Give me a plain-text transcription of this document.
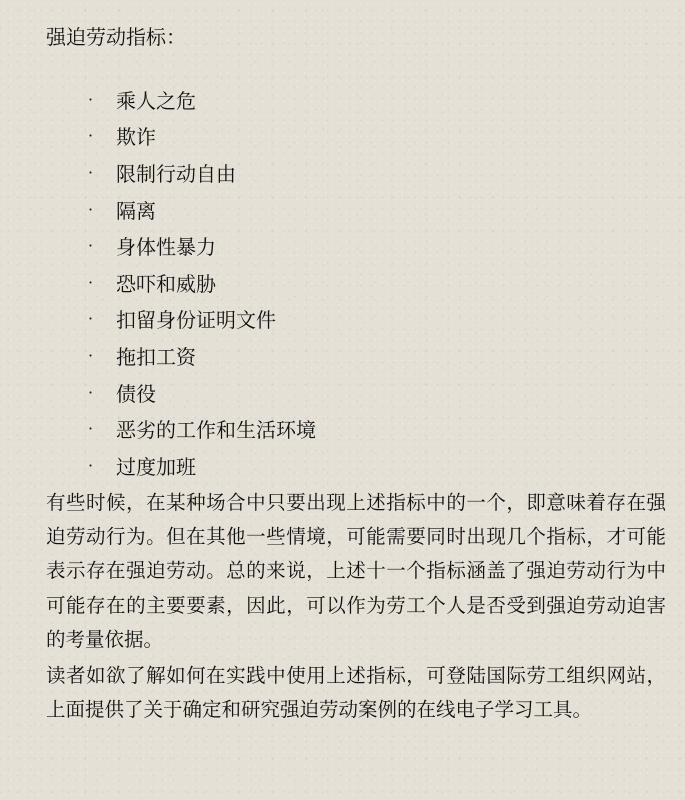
强迫劳动指标：
·	乘人之危
·	欺诈
·	限制行动自由
·	隔离
·	身体性暴力
·	恐吓和威胁
·	扣留身份证明文件
·	拖扣工资
·	债役
·	恶劣的工作和生活环境
·	过度加班

有些时候，在某种场合中只要出现上述指标中的一个，即意味着存在强迫劳动行为。但在其他一些情境，可能需要同时出现几个指标，才可能表示存在强迫劳动。总的来说，上述十一个指标涵盖了强迫劳动行为中可能存在的主要要素，因此，可以作为劳工个人是否受到强迫劳动迫害的考量依据。

读者如欲了解如何在实践中使用上述指标，可登陆国际劳工组织网站，上面提供了关于确定和研究强迫劳动案例的在线电子学习工具。
